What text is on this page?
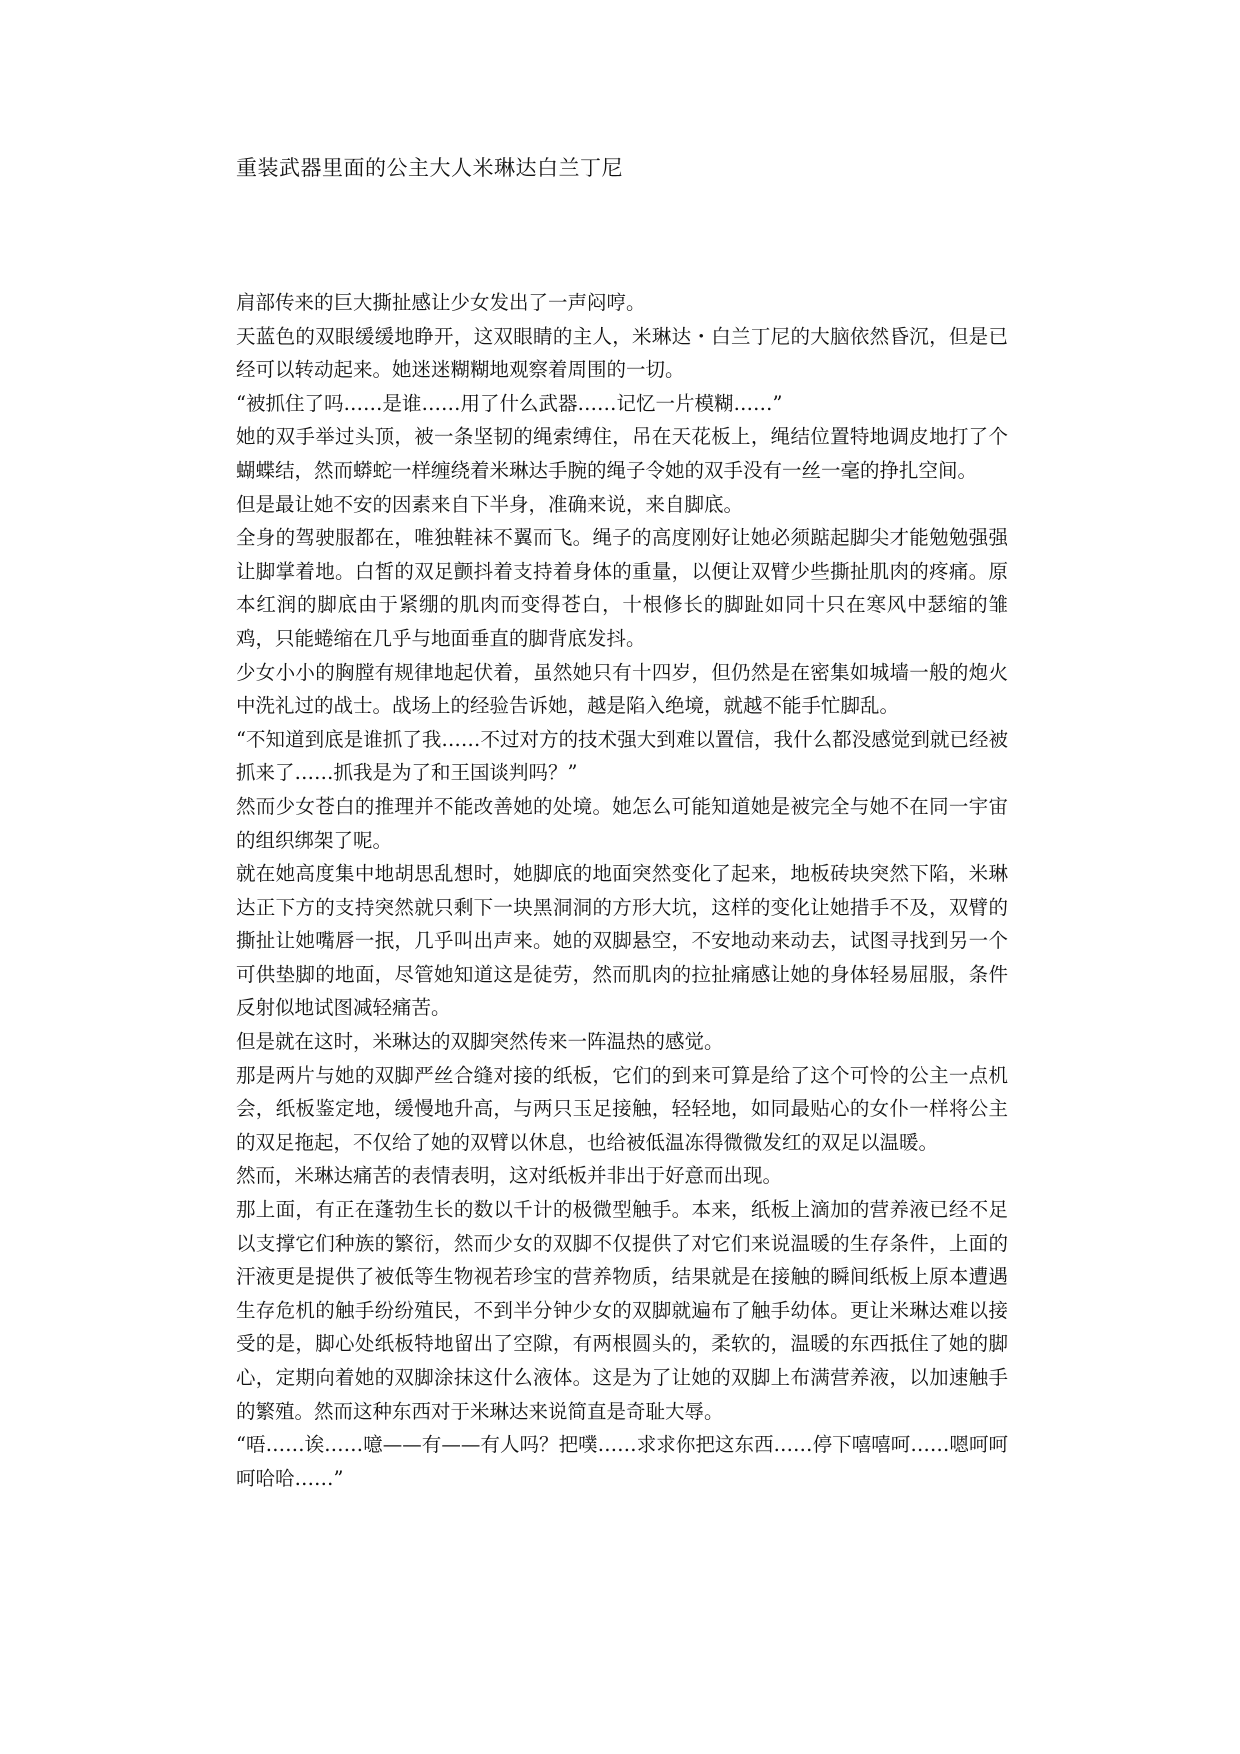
重装武器里面的公主大人米琳达白兰丁尼

肩部传来的巨大撕扯感让少女发出了一声闷哼。

天蓝色的双眼缓缓地睁开，这双眼睛的主人，米琳达・白兰丁尼的大脑依然昏沉，但是已经可以转动起来。她迷迷糊糊地观察着周围的一切。

“被抓住了吗……是谁……用了什么武器……记忆一片模糊……”

她的双手举过头顶，被一条坚韧的绳索缚住，吊在天花板上，绳结位置特地调皮地打了个蝴蝶结，然而蟒蛇一样缠绕着米琳达手腕的绳子令她的双手没有一丝一毫的挣扎空间。

但是最让她不安的因素来自下半身，准确来说，来自脚底。

全身的驾驶服都在，唯独鞋袜不翼而飞。绳子的高度刚好让她必须踮起脚尖才能勉勉强强让脚掌着地。白皙的双足颤抖着支持着身体的重量，以便让双臂少些撕扯肌肉的疼痛。原本红润的脚底由于紧绷的肌肉而变得苍白，十根修长的脚趾如同十只在寒风中瑟缩的雏鸡，只能蜷缩在几乎与地面垂直的脚背底发抖。

少女小小的胸膛有规律地起伏着，虽然她只有十四岁，但仍然是在密集如城墙一般的炮火中洗礼过的战士。战场上的经验告诉她，越是陷入绝境，就越不能手忙脚乱。

“不知道到底是谁抓了我……不过对方的技术强大到难以置信，我什么都没感觉到就已经被抓来了……抓我是为了和王国谈判吗？”

然而少女苍白的推理并不能改善她的处境。她怎么可能知道她是被完全与她不在同一宇宙的组织绑架了呢。

就在她高度集中地胡思乱想时，她脚底的地面突然变化了起来，地板砖块突然下陷，米琳达正下方的支持突然就只剩下一块黑洞洞的方形大坑，这样的变化让她措手不及，双臂的撕扯让她嘴唇一抿，几乎叫出声来。她的双脚悬空，不安地动来动去，试图寻找到另一个可供垫脚的地面，尽管她知道这是徒劳，然而肌肉的拉扯痛感让她的身体轻易屈服，条件反射似地试图减轻痛苦。

但是就在这时，米琳达的双脚突然传来一阵温热的感觉。

那是两片与她的双脚严丝合缝对接的纸板，它们的到来可算是给了这个可怜的公主一点机会，纸板鉴定地，缓慢地升高，与两只玉足接触，轻轻地，如同最贴心的女仆一样将公主的双足拖起，不仅给了她的双臂以休息，也给被低温冻得微微发红的双足以温暖。

然而，米琳达痛苦的表情表明，这对纸板并非出于好意而出现。

那上面，有正在蓬勃生长的数以千计的极微型触手。本来，纸板上滴加的营养液已经不足以支撑它们种族的繁衍，然而少女的双脚不仅提供了对它们来说温暖的生存条件，上面的汗液更是提供了被低等生物视若珍宝的营养物质，结果就是在接触的瞬间纸板上原本遭遇生存危机的触手纷纷殖民，不到半分钟少女的双脚就遍布了触手幼体。更让米琳达难以接受的是，脚心处纸板特地留出了空隙，有两根圆头的，柔软的，温暖的东西抵住了她的脚心，定期向着她的双脚涂抹这什么液体。这是为了让她的双脚上布满营养液，以加速触手的繁殖。然而这种东西对于米琳达来说简直是奇耻大辱。

“唔……诶……噫——有——有人吗？把噗……求求你把这东西……停下嘻嘻呵……嗯呵呵呵哈哈……”
